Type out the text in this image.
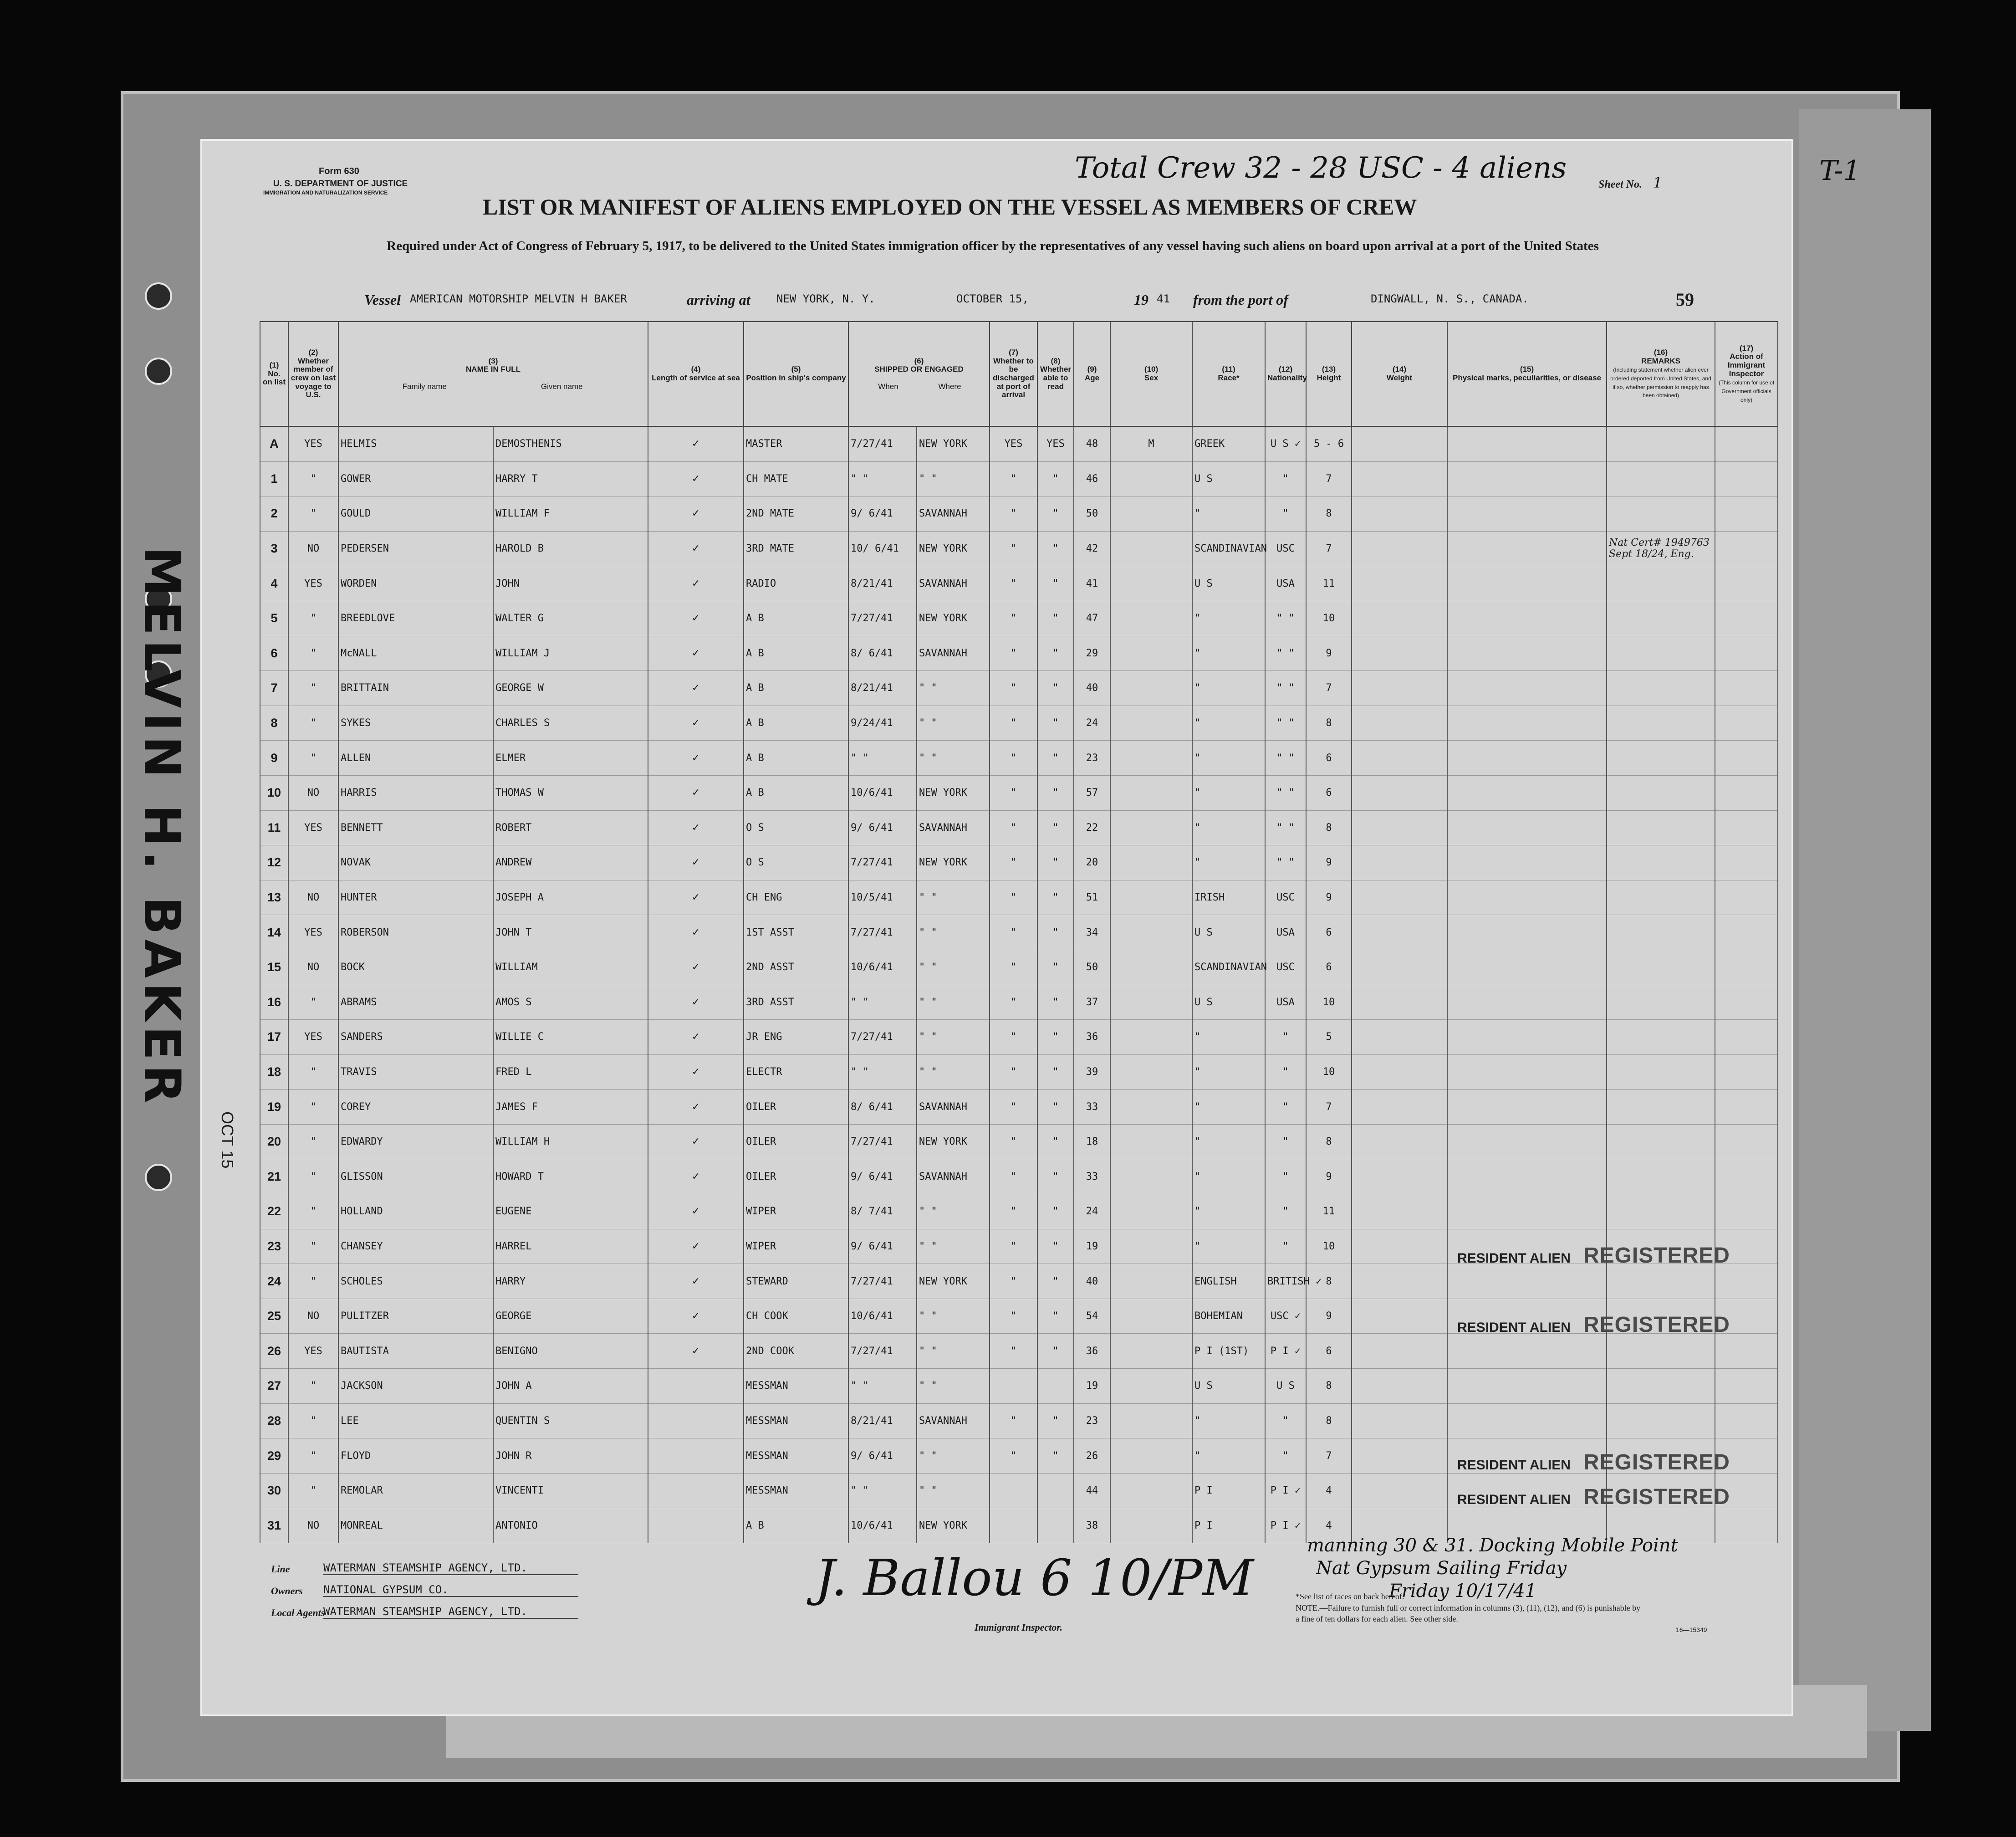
Form 630
U. S. DEPARTMENT OF JUSTICE
IMMIGRATION AND NATURALIZATION SERVICE
Total Crew 32 - 28 USC - 4 aliens	Sheet No. 1	T-1
LIST OR MANIFEST OF ALIENS EMPLOYED ON THE VESSEL AS MEMBERS OF CREW
Required under Act of Congress of February 5, 1917, to be delivered to the United States immigration officer by the representatives of any vessel having such aliens on board upon arrival at a port of the United States
Vessel AMERICAN MOTORSHIP MELVIN H BAKER	arriving at NEW YORK, N. Y.	OCTOBER 15,	19 41 from the port of	DINGWALL, N. S., CANADA.	59
MELVIN H. BAKER
OCT 15
(1)
No. on list	(2)
Whether member of crew on last voyage to U.S.	(3)
NAME IN FULL

Family name Given name		(4)
Length of service at sea	(5)
Position in ship's company	(6)
SHIPPED OR ENGAGED

When Where		(7)
Whether to be discharged at port of arrival	(8)
Whether able to read	(9)
Age	(10)
Sex	(11)
Race*	(12)
Nationality	(13)
Height	(14)
Weight	(15)
Physical marks, peculiarities, or disease	(16)
REMARKS
(Including statement whether alien ever ordered deported from United States, and if so, whether permission to reapply has been obtained)	(17)
Action of Immigrant Inspector
(This column for use of Government officials only)
A	YES	HELMIS	DEMOSTHENIS	✓	MASTER	7/27/41	NEW YORK	YES	YES	48	M	GREEK	U S ✓	5 - 6				
1	"	GOWER	HARRY T	✓	CH MATE	" "	" "	"	"	46		U S	"	7				
2	"	GOULD	WILLIAM F	✓	2ND MATE	9/ 6/41	SAVANNAH	"	"	50		"	"	8				
3	NO	PEDERSEN	HAROLD B	✓	3RD MATE	10/ 6/41	NEW YORK	"	"	42		SCANDINAVIAN	USC	7			Nat Cert# 1949763 Sept 18/24, Eng.	
4	YES	WORDEN	JOHN	✓	RADIO	8/21/41	SAVANNAH	"	"	41		U S	USA	11				
5	"	BREEDLOVE	WALTER G	✓	A B	7/27/41	NEW YORK	"	"	47		"	" "	10				
6	"	McNALL	WILLIAM J	✓	A B	8/ 6/41	SAVANNAH	"	"	29		"	" "	9				
7	"	BRITTAIN	GEORGE W	✓	A B	8/21/41	" "	"	"	40		"	" "	7				
8	"	SYKES	CHARLES S	✓	A B	9/24/41	" "	"	"	24		"	" "	8				
9	"	ALLEN	ELMER	✓	A B	" "	" "	"	"	23		"	" "	6				
10	NO	HARRIS	THOMAS W	✓	A B	10/6/41	NEW YORK	"	"	57		"	" "	6				
11	YES	BENNETT	ROBERT	✓	O S	9/ 6/41	SAVANNAH	"	"	22		"	" "	8				
12		NOVAK	ANDREW	✓	O S	7/27/41	NEW YORK	"	"	20		"	" "	9				
13	NO	HUNTER	JOSEPH A	✓	CH ENG	10/5/41	" "	"	"	51		IRISH	USC	9				
14	YES	ROBERSON	JOHN T	✓	1ST ASST	7/27/41	" "	"	"	34		U S	USA	6				
15	NO	BOCK	WILLIAM	✓	2ND ASST	10/6/41	" "	"	"	50		SCANDINAVIAN	USC	6				
16	"	ABRAMS	AMOS S	✓	3RD ASST	" "	" "	"	"	37		U S	USA	10				
17	YES	SANDERS	WILLIE C	✓	JR ENG	7/27/41	" "	"	"	36		"	"	5				
18	"	TRAVIS	FRED L	✓	ELECTR	" "	" "	"	"	39		"	"	10				
19	"	COREY	JAMES F	✓	OILER	8/ 6/41	SAVANNAH	"	"	33		"	"	7				
20	"	EDWARDY	WILLIAM H	✓	OILER	7/27/41	NEW YORK	"	"	18		"	"	8				
21	"	GLISSON	HOWARD T	✓	OILER	9/ 6/41	SAVANNAH	"	"	33		"	"	9				
22	"	HOLLAND	EUGENE	✓	WIPER	8/ 7/41	" "	"	"	24		"	"	11				
23	"	CHANSEY	HARREL	✓	WIPER	9/ 6/41	" "	"	"	19		"	"	10				
24	"	SCHOLES	HARRY	✓	STEWARD	7/27/41	NEW YORK	"	"	40		ENGLISH	BRITISH ✓	8				
25	NO	PULITZER	GEORGE	✓	CH COOK	10/6/41	" "	"	"	54		BOHEMIAN	USC ✓	9				
26	YES	BAUTISTA	BENIGNO	✓	2ND COOK	7/27/41	" "	"	"	36		P I (1ST)	P I ✓	6				
27	"	JACKSON	JOHN A		MESSMAN	" "	" "			19		U S	U S	8				
28	"	LEE	QUENTIN S		MESSMAN	8/21/41	SAVANNAH	"	"	23		"	"	8				
29	"	FLOYD	JOHN R		MESSMAN	9/ 6/41	" "	"	"	26		"	"	7				
30	"	REMOLAR	VINCENTI		MESSMAN	" "	" "			44		P I	P I ✓	4				
31	NO	MONREAL	ANTONIO		A B	10/6/41	NEW YORK			38		P I	P I ✓	4				
Line	WATERMAN STEAMSHIP AGENCY, LTD.
Owners NATIONAL GYPSUM CO.
Local Agents
WATERMAN STEAMSHIP AGENCY, LTD.
J. Ballou 6 10/PM
Immigrant Inspector.
manning 30 & 31. Docking Mobile Point
Nat Gypsum Sailing Friday
Friday 10/17/41
*See list of races on back hereof.
NOTE.—Failure to furnish full or correct information in columns (3), (11), (12), and (6) is punishable by a fine of ten dollars for each alien. See other side.
16—15349
RESIDENT ALIEN REGISTERED
RESIDENT ALIEN REGISTERED
RESIDENT ALIEN REGISTERED
RESIDENT ALIEN REGISTERED
